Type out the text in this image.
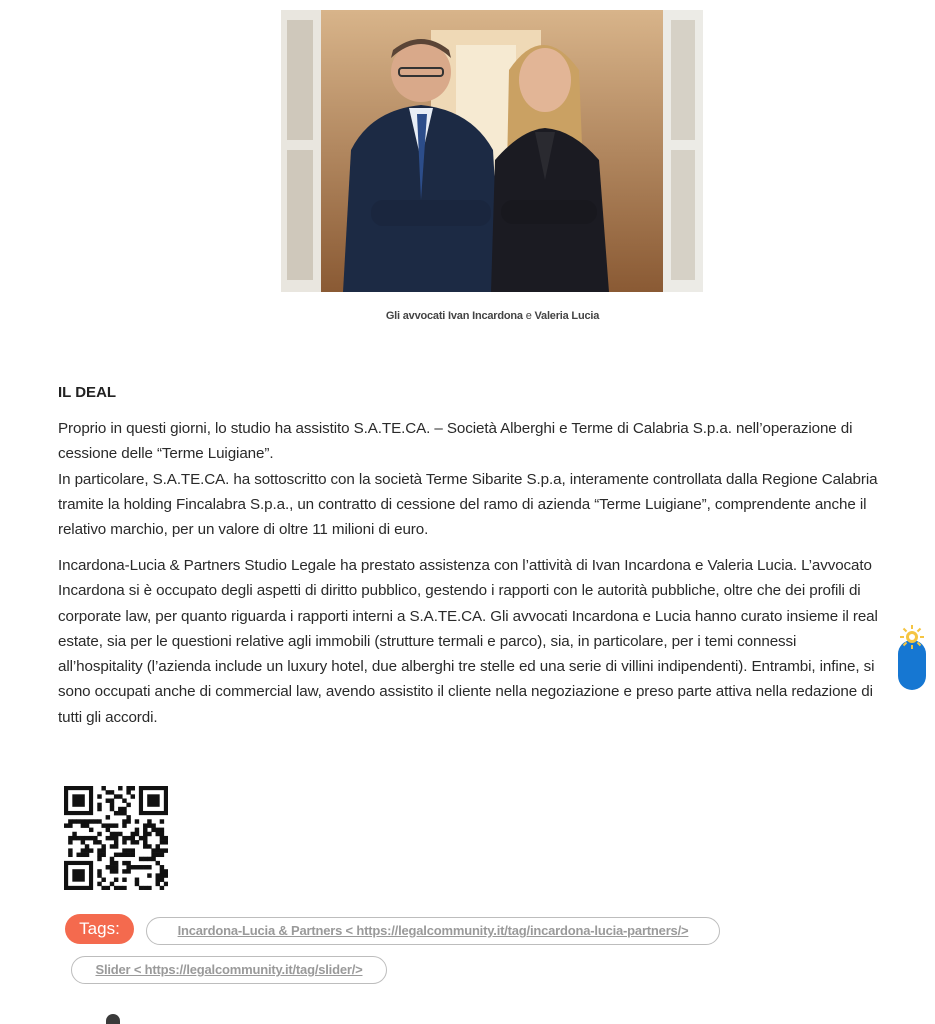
Gli avvocati Ivan Incardona e Valeria Lucia
IL DEAL
Proprio in questi giorni, lo studio ha assistito S.A.TE.CA. – Società Alberghi e Terme di Calabria S.p.a. nell’operazione di
cessione delle “Terme Luigiane”.
In particolare, S.A.TE.CA. ha sottoscritto con la società Terme Sibarite S.p.a, interamente controllata dalla Regione Calabria
tramite la holding Fincalabra S.p.a., un contratto di cessione del ramo di azienda “Terme Luigiane”, comprendente anche il
relativo marchio, per un valore di oltre 11 milioni di euro.
Incardona-Lucia & Partners Studio Legale ha prestato assistenza con l’attività di Ivan Incardona e Valeria Lucia. L’avvocato
Incardona si è occupato degli aspetti di diritto pubblico, gestendo i rapporti con le autorità pubbliche, oltre che dei profili di
corporate law, per quanto riguarda i rapporti interni a S.A.TE.CA. Gli avvocati Incardona e Lucia hanno curato insieme il real
estate, sia per le questioni relative agli immobili (strutture termali e parco), sia, in particolare, per i temi connessi
all’hospitality (l’azienda include un luxury hotel, due alberghi tre stelle ed una serie di villini indipendenti). Entrambi, infine, si
sono occupati anche di commercial law, avendo assistito il cliente nella negoziazione e preso parte attiva nella redazione di
tutti gli accordi.
Tags:	Incardona-Lucia & Partners < https://legalcommunity.it/tag/incardona-lucia-partners/>
Slider < https://legalcommunity.it/tag/slider/>
